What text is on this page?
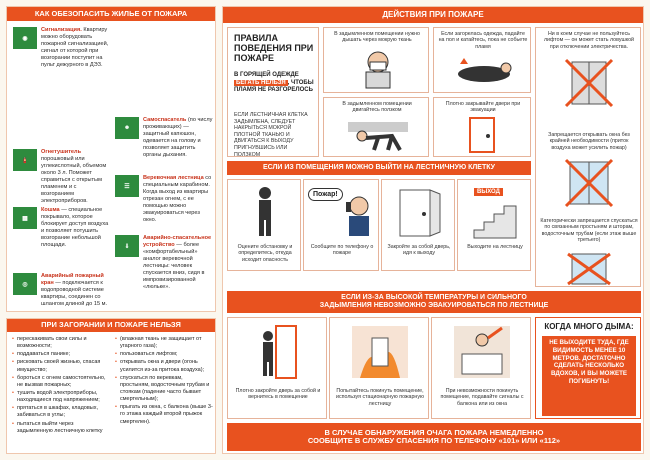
КАК ОБЕЗОПАСИТЬ ЖИЛЬЕ ОТ ПОЖАРА
◉
Сигнализация. Квартиру можно оборудовать пожарной сигнализацией, сигнал от которой при возгорании поступит на пульт дежурного в ДЭЗ.
🧯
Огнетушитель порошковый или углекислотный, объемом около 3 л. Поможет справиться с открытым пламенем и с возгоранием электроприборов.
▦
Кошма — специальное покрывало, которое блокирует доступ воздуха и позволяет потушить возгорание небольшой площади.
◎
Аварийный пожарный кран — подключается к водопроводной системе квартиры, соединен со шлангом длиной до 15 м.
☻
Самоспасатель (по числу проживающих) — защитный капюшон, одевается на голову и позволяет защитить органы дыхания.
☰
Веревочная лестница со специальным карабином. Когда выход из квартиры отрезан огнем, с ее помощью можно эвакуироваться через окно.
⇓
Аварийно-спасательное устройство — более «комфортабельный» аналог веревочной лестницы: человек спускается вниз, сидя в импровизированной «люльке».
ПРИ ЗАГОРАНИИ И ПОЖАРЕ НЕЛЬЗЯ
• перескакивать свои силы и возможности;
• поддаваться панике;
• рисковать своей жизнью, спасая имущество;
• бороться с огнем самостоятельно, не вызвав пожарных;
• тушить водой электроприборы, находящиеся под напряжением;
• прятаться в шкафах, кладовых, забиваться в углы;
• пытаться выйти через задымленную лестничную клетку
• (влажная ткань не защищает от угарного газа);
• пользоваться лифтом;
• открывать окна и двери (огонь усилится из-за притока воздуха);
• спускаться по веревкам, простыням, водосточным трубам и стоякам (падение часто бывает смертельным);
• прыгать из окна, с балкона (выше 3-го этажа каждый второй прыжок смертелен).
ДЕЙСТВИЯ ПРИ ПОЖАРЕ
ПРАВИЛА ПОВЕДЕНИЯ ПРИ ПОЖАРЕ
В ГОРЯЩЕЙ ОДЕЖДЕ БЕГАТЬ НЕЛЬЗЯ , ЧТОБЫ ПЛАМЯ НЕ РАЗГОРЕЛОСЬ
ЕСЛИ ЛЕСТНИЧНАЯ КЛЕТКА ЗАДЫМЛЕНА, СЛЕДУЕТ НАКРЫТЬСЯ МОКРОЙ ПЛОТНОЙ ТКАНЬЮ И ДВИГАТЬСЯ К ВЫХОДУ ПРИГНУВШИСЬ ИЛИ ПОЛЗКОМ
В задымленном помещении нужно дышать через мокрую ткань
Если загорелась одежда, падайте на пол и катайтесь, пока не собьете пламя
В задымленном помещении двигайтесь ползком
Плотно закрывайте двери при эвакуации
Ни в коем случае не пользуйтесь лифтом — он может стать ловушкой при отключении электричества.
Запрещается открывать окна без крайней необходимости (приток воздуха может усилить пожар)
Категорически запрещается спускаться по связанным простыням и шторам, водосточным трубам (если этаж выше третьего)
ЕСЛИ ИЗ ПОМЕЩЕНИЯ МОЖНО ВЫЙТИ НА ЛЕСТНИЧНУЮ КЛЕТКУ
Оцените обстановку и определитесь, откуда исходит опасность
Пожар!
Сообщите по телефону о пожаре
Закройте за собой дверь, идя к выходу
ВЫХОД
Выходите на лестницу
ЕСЛИ ИЗ-ЗА ВЫСОКОЙ ТЕМПЕРАТУРЫ И СИЛЬНОГО
ЗАДЫМЛЕНИЯ НЕВОЗМОЖНО ЭВАКУИРОВАТЬСЯ ПО ЛЕСТНИЦЕ
Плотно закройте дверь за собой и вернитесь в помещение
Попытайтесь покинуть помещение, используя стационарную пожарную лестницу
При невозможности покинуть помещение, подавайте сигналы с балкона или из окна
КОГДА МНОГО ДЫМА:
НЕ ВЫХОДИТЕ ТУДА, ГДЕ ВИДИМОСТЬ МЕНЕЕ 10 МЕТРОВ. ДОСТАТОЧНО СДЕЛАТЬ НЕСКОЛЬКО ВДОХОВ, И ВЫ МОЖЕТЕ ПОГИБНУТЬ!
В СЛУЧАЕ ОБНАРУЖЕНИЯ ОЧАГА ПОЖАРА НЕМЕДЛЕННО
СООБЩИТЕ В СЛУЖБУ СПАСЕНИЯ ПО ТЕЛЕФОНУ «101» ИЛИ «112»
